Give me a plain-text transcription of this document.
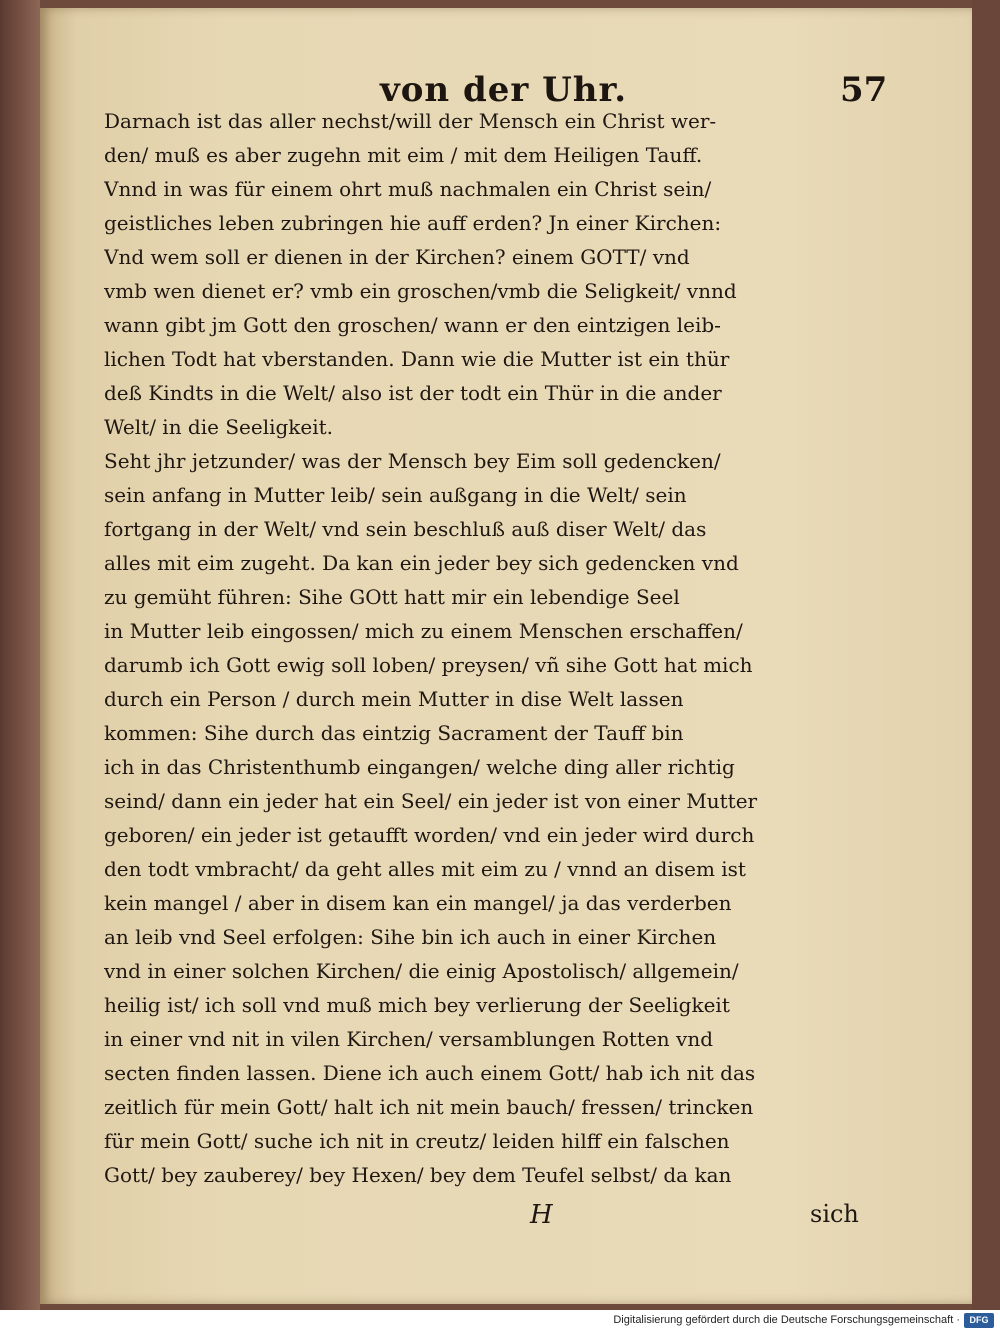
von der Uhr.	57
Darnach ist das aller nechst/will der Mensch ein Christ wer-
den/ muß es aber zugehn mit eim / mit dem Heiligen Tauff.
Vnnd in was für einem ohrt muß nachmalen ein Christ sein/
geistliches leben zubringen hie auff erden? Jn einer Kirchen:
Vnd wem soll er dienen in der Kirchen? einem GOTT/ vnd
vmb wen dienet er? vmb ein groschen/vmb die Seligkeit/ vnnd
wann gibt jm Gott den groschen/ wann er den eintzigen leib-
lichen Todt hat vberstanden. Dann wie die Mutter ist ein thür
deß Kindts in die Welt/ also ist der todt ein Thür in die ander
Welt/ in die Seeligkeit.
Seht jhr jetzunder/ was der Mensch bey Eim soll gedencken/
sein anfang in Mutter leib/ sein außgang in die Welt/ sein
fortgang in der Welt/ vnd sein beschluß auß diser Welt/ das
alles mit eim zugeht. Da kan ein jeder bey sich gedencken vnd
zu gemüht führen: Sihe GOtt hatt mir ein lebendige Seel
in Mutter leib eingossen/ mich zu einem Menschen erschaffen/
darumb ich Gott ewig soll loben/ preysen/ vñ sihe Gott hat mich
durch ein Person / durch mein Mutter in dise Welt lassen
kommen: Sihe durch das eintzig Sacrament der Tauff bin
ich in das Christenthumb eingangen/ welche ding aller richtig
seind/ dann ein jeder hat ein Seel/ ein jeder ist von einer Mutter
geboren/ ein jeder ist getaufft worden/ vnd ein jeder wird durch
den todt vmbracht/ da geht alles mit eim zu / vnnd an disem ist
kein mangel / aber in disem kan ein mangel/ ja das verderben
an leib vnd Seel erfolgen: Sihe bin ich auch in einer Kirchen
vnd in einer solchen Kirchen/ die einig Apostolisch/ allgemein/
heilig ist/ ich soll vnd muß mich bey verlierung der Seeligkeit
in einer vnd nit in vilen Kirchen/ versamblungen Rotten vnd
secten finden lassen. Diene ich auch einem Gott/ hab ich nit das
zeitlich für mein Gott/ halt ich nit mein bauch/ fressen/ trincken
für mein Gott/ suche ich nit in creutz/ leiden hilff ein falschen
Gott/ bey zauberey/ bey Hexen/ bey dem Teufel selbst/ da kan
H	sich
Digitalisierung gefördert durch die Deutsche Forschungsgemeinschaft ·	DFG
